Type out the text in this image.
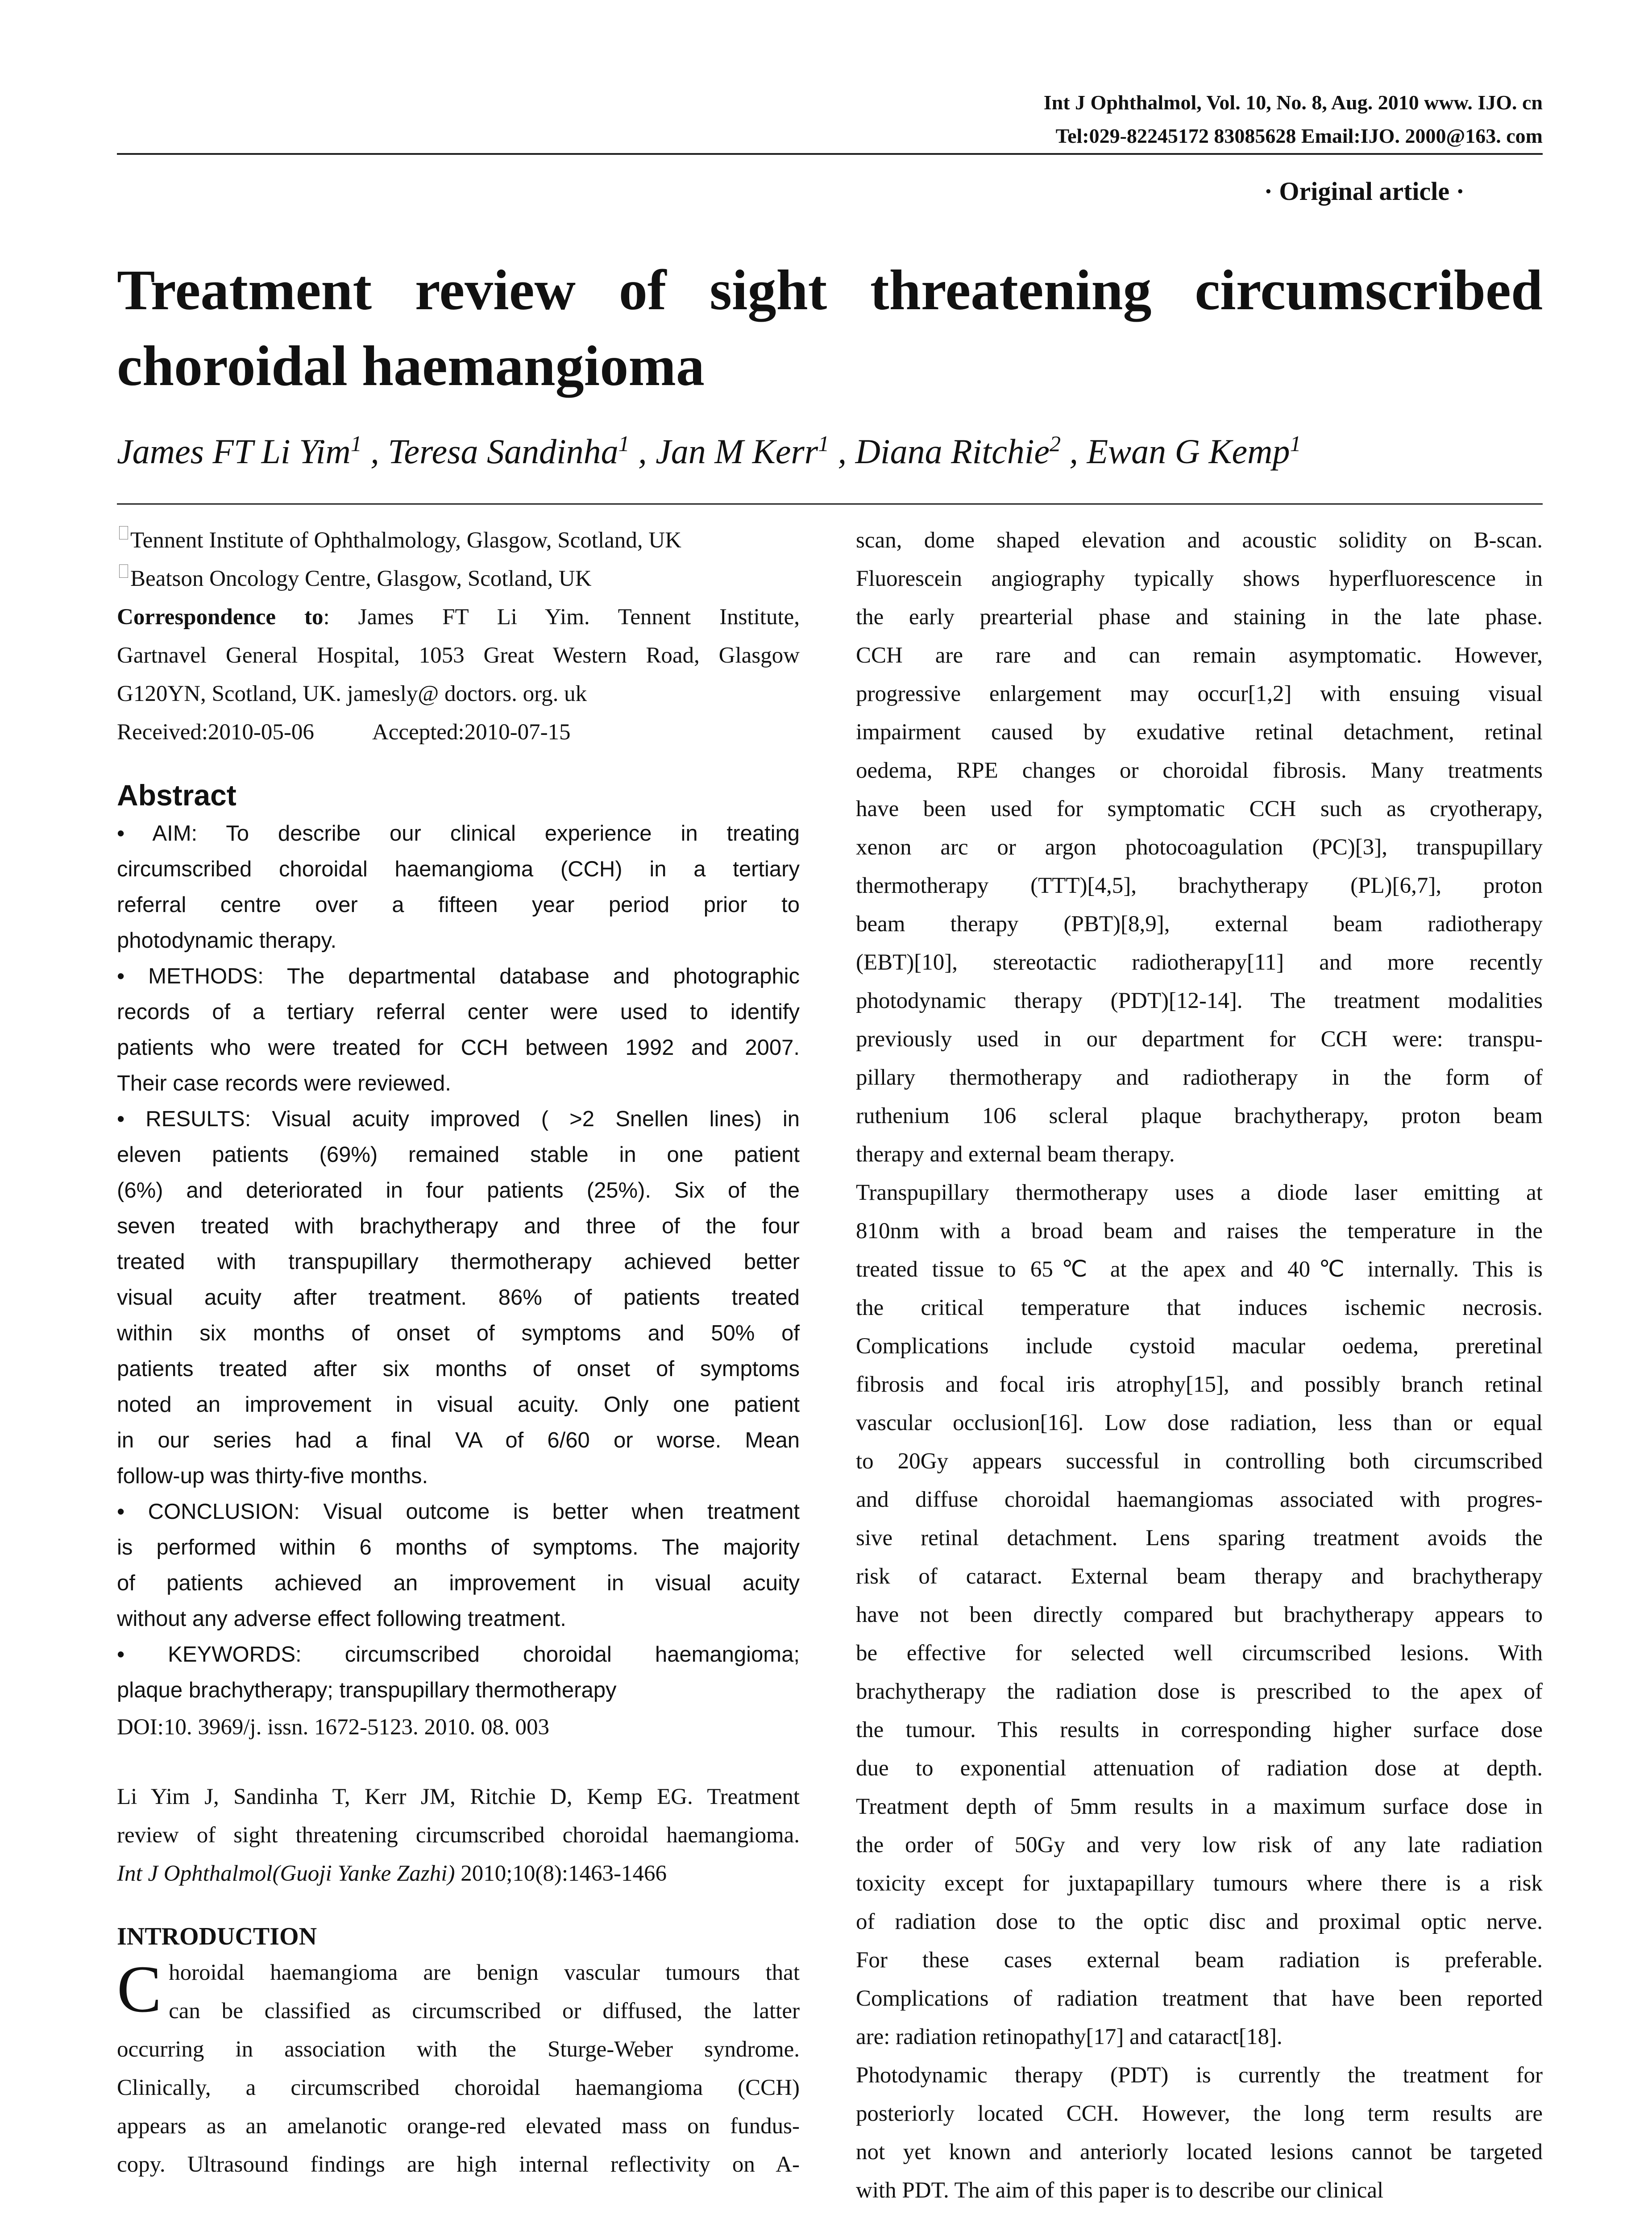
Int J Ophthalmol, Vol. 10, No. 8, Aug. 2010 www. IJO. cn
Tel:029-82245172 83085628 Email:IJO. 2000@163. com
· Original article ·
Treatment review of sight threatening circumscribed choroidal haemangioma
James FT Li Yim$^1$ , Teresa Sandinha$^1$ , Jan M Kerr$^1$ , Diana Ritchie$^2$ , Ewan G Kemp$^1$
Tennent Institute of Ophthalmology, Glasgow, Scotland, UK
Beatson Oncology Centre, Glasgow, Scotland, UK
Correspondence to: James FT Li Yim. Tennent Institute,
Gartnavel General Hospital, 1053 Great Western Road, Glasgow
G120YN, Scotland, UK. jamesly@ doctors. org. uk
Received:2010-05-06	Accepted:2010-07-15
Abstract
• AIM: To describe our clinical experience in treating
circumscribed choroidal haemangioma (CCH) in a tertiary
referral centre over a fifteen year period prior to
photodynamic therapy.
• METHODS: The departmental database and photographic
records of a tertiary referral center were used to identify
patients who were treated for CCH between 1992 and 2007.
Their case records were reviewed.
• RESULTS: Visual acuity improved ( >2 Snellen lines) in
eleven patients (69%) remained stable in one patient
(6%) and deteriorated in four patients (25%). Six of the
seven treated with brachytherapy and three of the four
treated with transpupillary thermotherapy achieved better
visual acuity after treatment. 86% of patients treated
within six months of onset of symptoms and 50% of
patients treated after six months of onset of symptoms
noted an improvement in visual acuity. Only one patient
in our series had a final VA of 6/60 or worse. Mean
follow-up was thirty-five months.
• CONCLUSION: Visual outcome is better when treatment
is performed within 6 months of symptoms. The majority
of patients achieved an improvement in visual acuity
without any adverse effect following treatment.
• KEYWORDS: circumscribed choroidal haemangioma;
plaque brachytherapy; transpupillary thermotherapy
DOI:10. 3969/j. issn. 1672-5123. 2010. 08. 003
Li Yim J, Sandinha T, Kerr JM, Ritchie D, Kemp EG. Treatment
review of sight threatening circumscribed choroidal haemangioma.
Int J Ophthalmol(Guoji Yanke Zazhi) 2010;10(8):1463-1466
INTRODUCTION
C horoidal haemangioma are benign vascular tumours that
can be classified as circumscribed or diffused, the latter
occurring in association with the Sturge-Weber syndrome.
Clinically, a circumscribed choroidal haemangioma (CCH)
appears as an amelanotic orange-red elevated mass on fundus-
copy. Ultrasound findings are high internal reflectivity on A-
scan, dome shaped elevation and acoustic solidity on B-scan.
Fluorescein angiography typically shows hyperfluorescence in
the early prearterial phase and staining in the late phase.
CCH are rare and can remain asymptomatic. However,
progressive enlargement may occur[1,2] with ensuing visual
impairment caused by exudative retinal detachment, retinal
oedema, RPE changes or choroidal fibrosis. Many treatments
have been used for symptomatic CCH such as cryotherapy,
xenon arc or argon photocoagulation (PC)[3], transpupillary
thermotherapy (TTT)[4,5], brachytherapy (PL)[6,7], proton
beam therapy (PBT)[8,9], external beam radiotherapy
(EBT)[10], stereotactic radiotherapy[11] and more recently
photodynamic therapy (PDT)[12-14]. The treatment modalities
previously used in our department for CCH were: transpu-
pillary thermotherapy and radiotherapy in the form of
ruthenium 106 scleral plaque brachytherapy, proton beam
therapy and external beam therapy.
Transpupillary thermotherapy uses a diode laser emitting at
810nm with a broad beam and raises the temperature in the
treated tissue to 65℃ at the apex and 40℃ internally. This is
the critical temperature that induces ischemic necrosis.
Complications include cystoid macular oedema, preretinal
fibrosis and focal iris atrophy[15], and possibly branch retinal
vascular occlusion[16]. Low dose radiation, less than or equal
to 20Gy appears successful in controlling both circumscribed
and diffuse choroidal haemangiomas associated with progres-
sive retinal detachment. Lens sparing treatment avoids the
risk of cataract. External beam therapy and brachytherapy
have not been directly compared but brachytherapy appears to
be effective for selected well circumscribed lesions. With
brachytherapy the radiation dose is prescribed to the apex of
the tumour. This results in corresponding higher surface dose
due to exponential attenuation of radiation dose at depth.
Treatment depth of 5mm results in a maximum surface dose in
the order of 50Gy and very low risk of any late radiation
toxicity except for juxtapapillary tumours where there is a risk
of radiation dose to the optic disc and proximal optic nerve.
For these cases external beam radiation is preferable.
Complications of radiation treatment that have been reported
are: radiation retinopathy[17] and cataract[18].
Photodynamic therapy (PDT) is currently the treatment for
posteriorly located CCH. However, the long term results are
not yet known and anteriorly located lesions cannot be targeted
with PDT. The aim of this paper is to describe our clinical
